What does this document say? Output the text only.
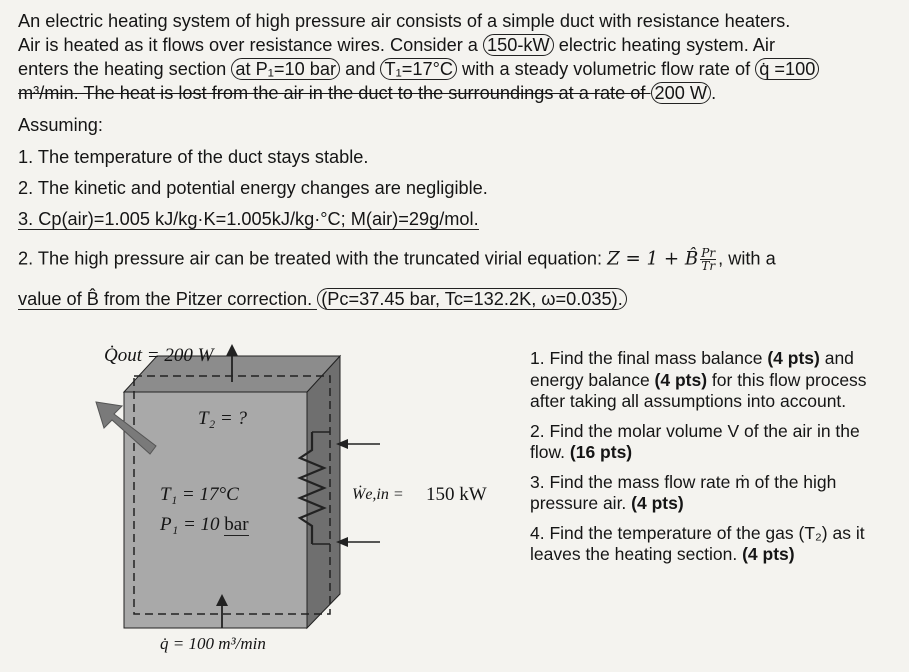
An electric heating system of high pressure air consists of a simple duct with resistance heaters.
Air is heated as it flows over resistance wires. Consider a 150-kW electric heating system. Air
enters the heating section at P₁=10 bar and T₁=17°C with a steady volumetric flow rate of q̇ =100
m³/min. The heat is lost from the air in the duct to the surroundings at a rate of 200 W .
Assuming:
1. The temperature of the duct stays stable.
2. The kinetic and potential energy changes are negligible.
3. Cp(air)=1.005 kJ/kg·K=1.005kJ/kg·°C; M(air)=29g/mol.
2. The high pressure air can be treated with the truncated virial equation: Z = 1 + B̂ $\frac{Pr}{Tr}$ , with a
value of B̂ from the Pitzer correction. (Pc=37.45 bar, Tc=132.2K, ω=0.035).
Q̇out = 200 W
T₂ = ?
T₁ = 17°C
P₁ = 10 bar
Ẇe,in = 150 kW
q̇ = 100 m³/min
1. Find the final mass balance (4 pts) and energy balance (4 pts) for this flow process after taking all assumptions into account.
2. Find the molar volume V of the air in the flow. (16 pts)
3. Find the mass flow rate ṁ of the high pressure air. (4 pts)
4. Find the temperature of the gas (T₂) as it leaves the heating section. (4 pts)
